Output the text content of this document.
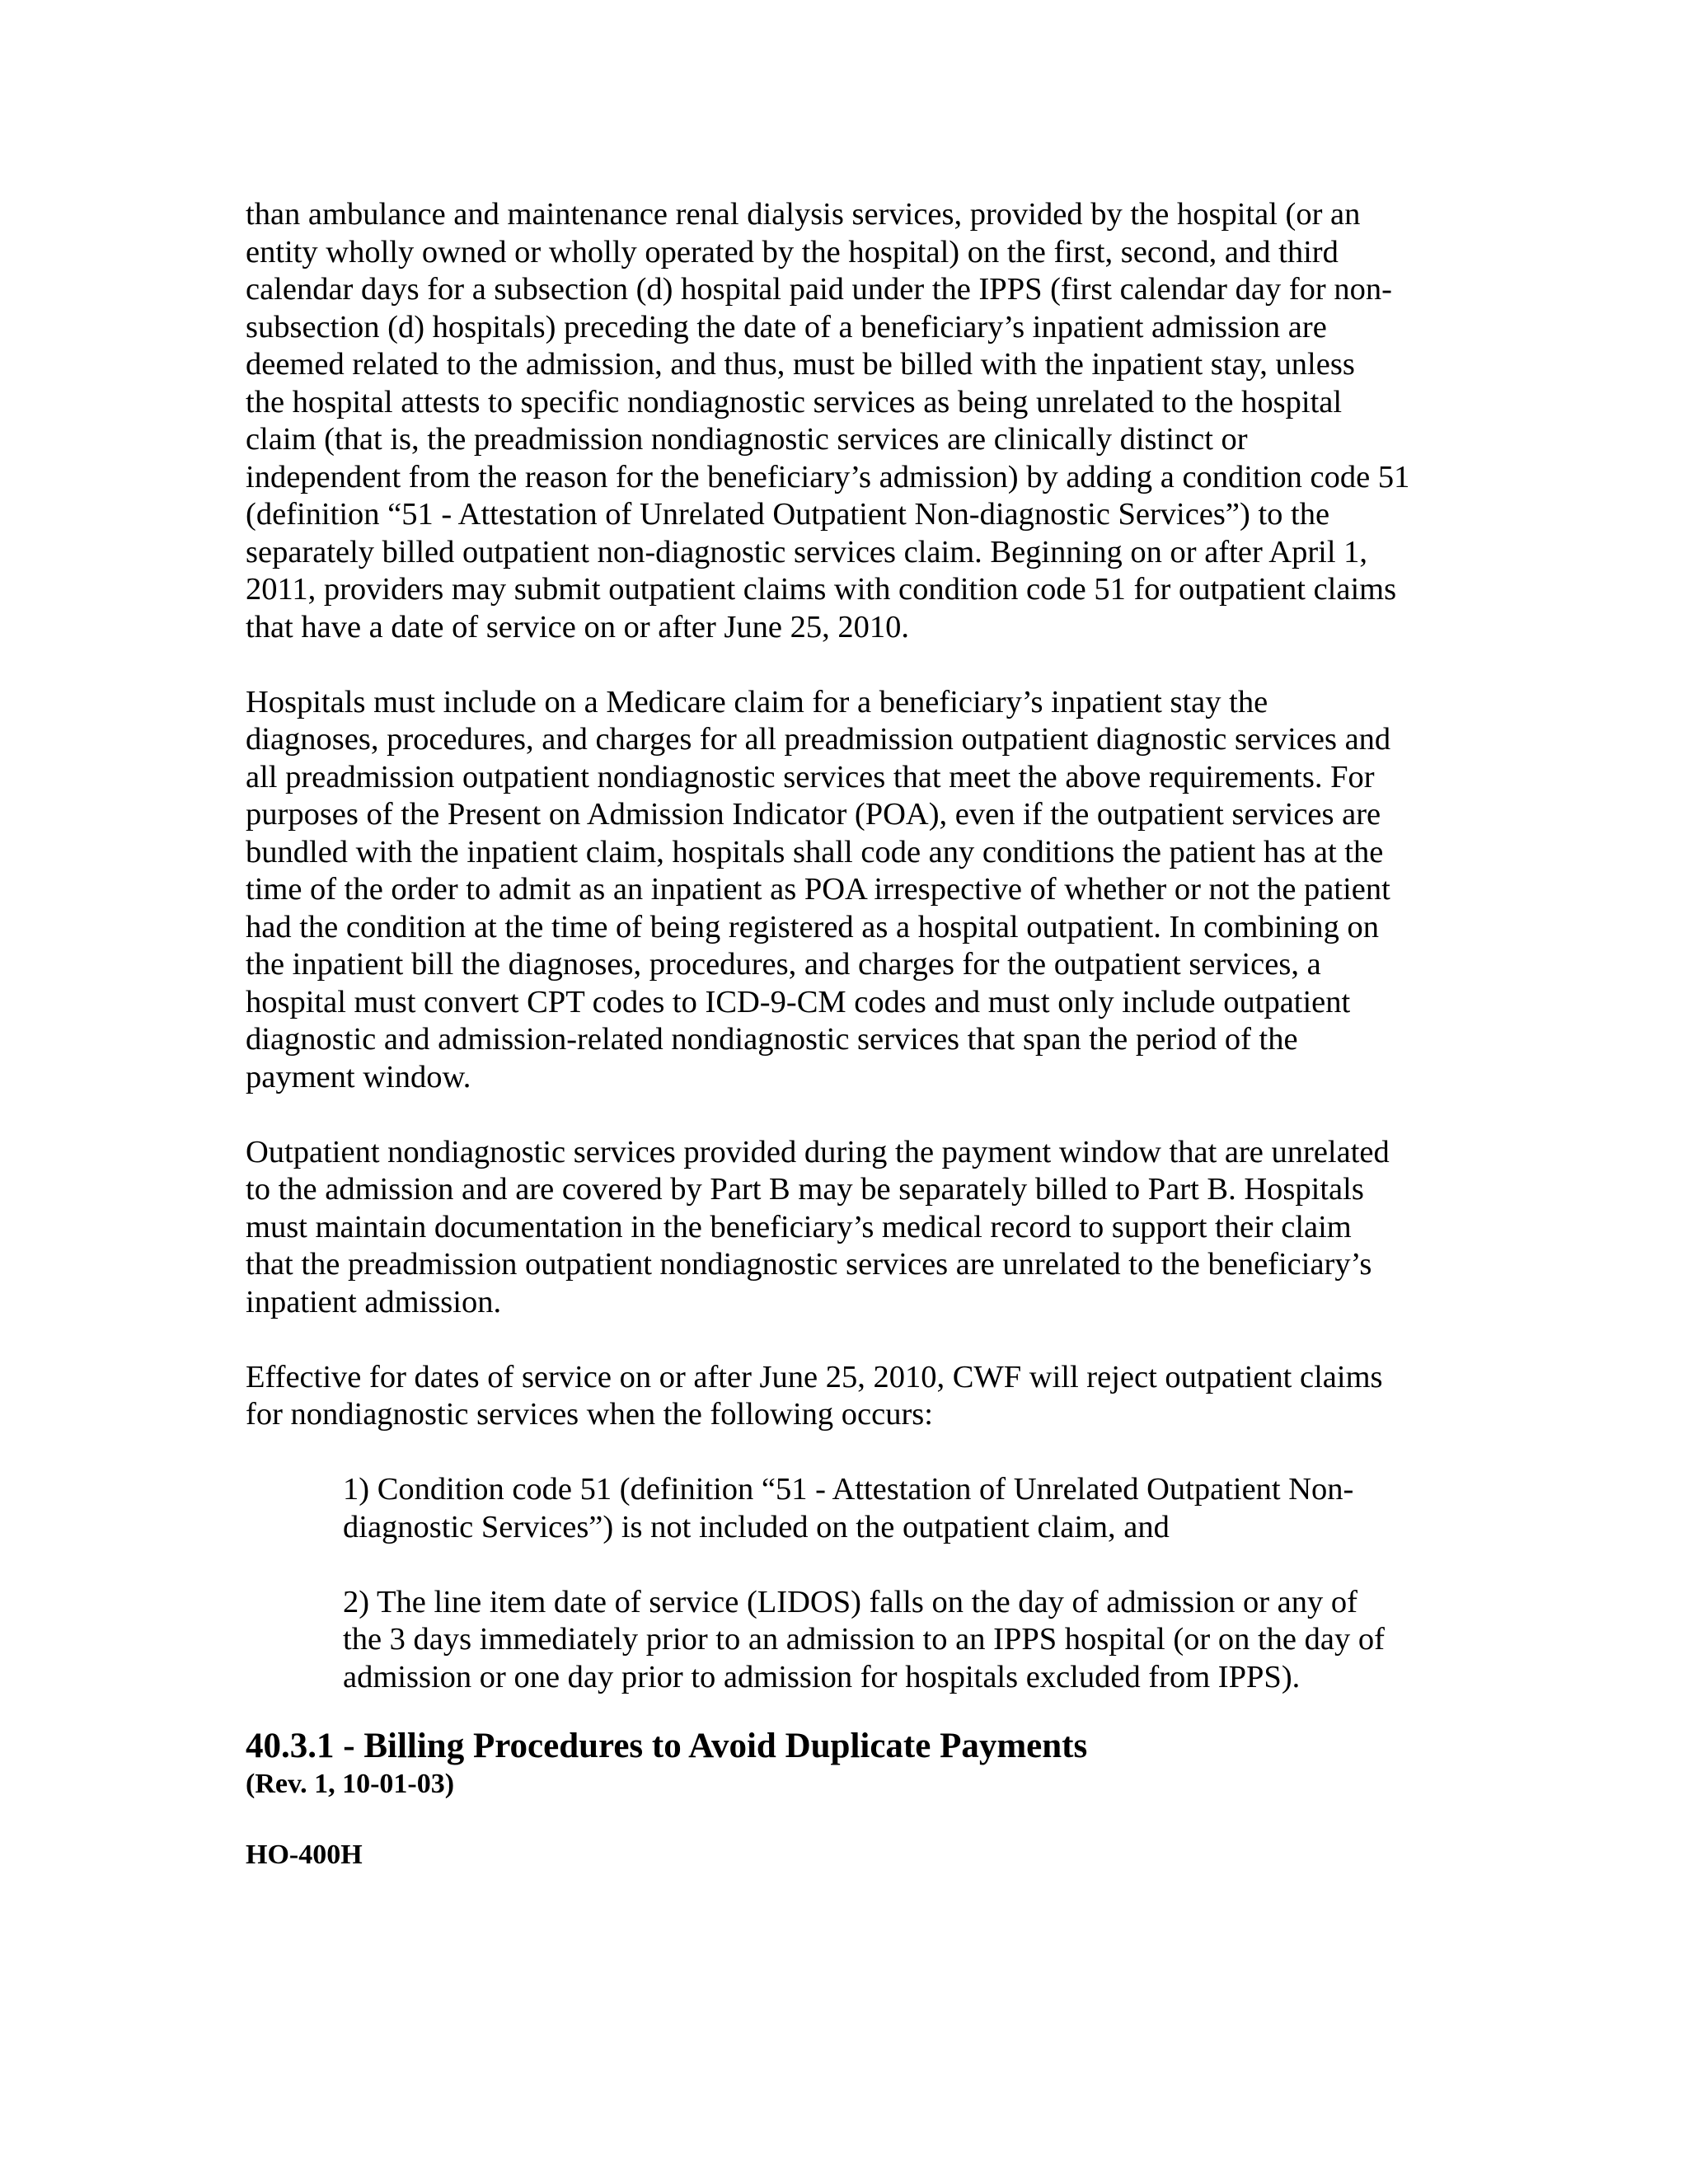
than ambulance and maintenance renal dialysis services, provided by the hospital (or an
entity wholly owned or wholly operated by the hospital) on the first, second, and third
calendar days for a subsection (d) hospital paid under the IPPS (first calendar day for non-
subsection (d) hospitals) preceding the date of a beneficiary’s inpatient admission are
deemed related to the admission, and thus, must be billed with the inpatient stay, unless
the hospital attests to specific nondiagnostic services as being unrelated to the hospital
claim (that is, the preadmission nondiagnostic services are clinically distinct or
independent from the reason for the beneficiary’s admission) by adding a condition code 51
(definition “51 - Attestation of Unrelated Outpatient Non-diagnostic Services”) to the
separately billed outpatient non-diagnostic services claim. Beginning on or after April 1,
2011, providers may submit outpatient claims with condition code 51 for outpatient claims
that have a date of service on or after June 25, 2010.

Hospitals must include on a Medicare claim for a beneficiary’s inpatient stay the
diagnoses, procedures, and charges for all preadmission outpatient diagnostic services and
all preadmission outpatient nondiagnostic services that meet the above requirements. For
purposes of the Present on Admission Indicator (POA), even if the outpatient services are
bundled with the inpatient claim, hospitals shall code any conditions the patient has at the
time of the order to admit as an inpatient as POA irrespective of whether or not the patient
had the condition at the time of being registered as a hospital outpatient. In combining on
the inpatient bill the diagnoses, procedures, and charges for the outpatient services, a
hospital must convert CPT codes to ICD-9-CM codes and must only include outpatient
diagnostic and admission-related nondiagnostic services that span the period of the
payment window.

Outpatient nondiagnostic services provided during the payment window that are unrelated
to the admission and are covered by Part B may be separately billed to Part B. Hospitals
must maintain documentation in the beneficiary’s medical record to support their claim
that the preadmission outpatient nondiagnostic services are unrelated to the beneficiary’s
inpatient admission.

Effective for dates of service on or after June 25, 2010, CWF will reject outpatient claims
for nondiagnostic services when the following occurs:

1) Condition code 51 (definition “51 - Attestation of Unrelated Outpatient Non-
diagnostic Services”) is not included on the outpatient claim, and

2) The line item date of service (LIDOS) falls on the day of admission or any of
the 3 days immediately prior to an admission to an IPPS hospital (or on the day of
admission or one day prior to admission for hospitals excluded from IPPS).

40.3.1 - Billing Procedures to Avoid Duplicate Payments
(Rev. 1, 10-01-03)
HO-400H
